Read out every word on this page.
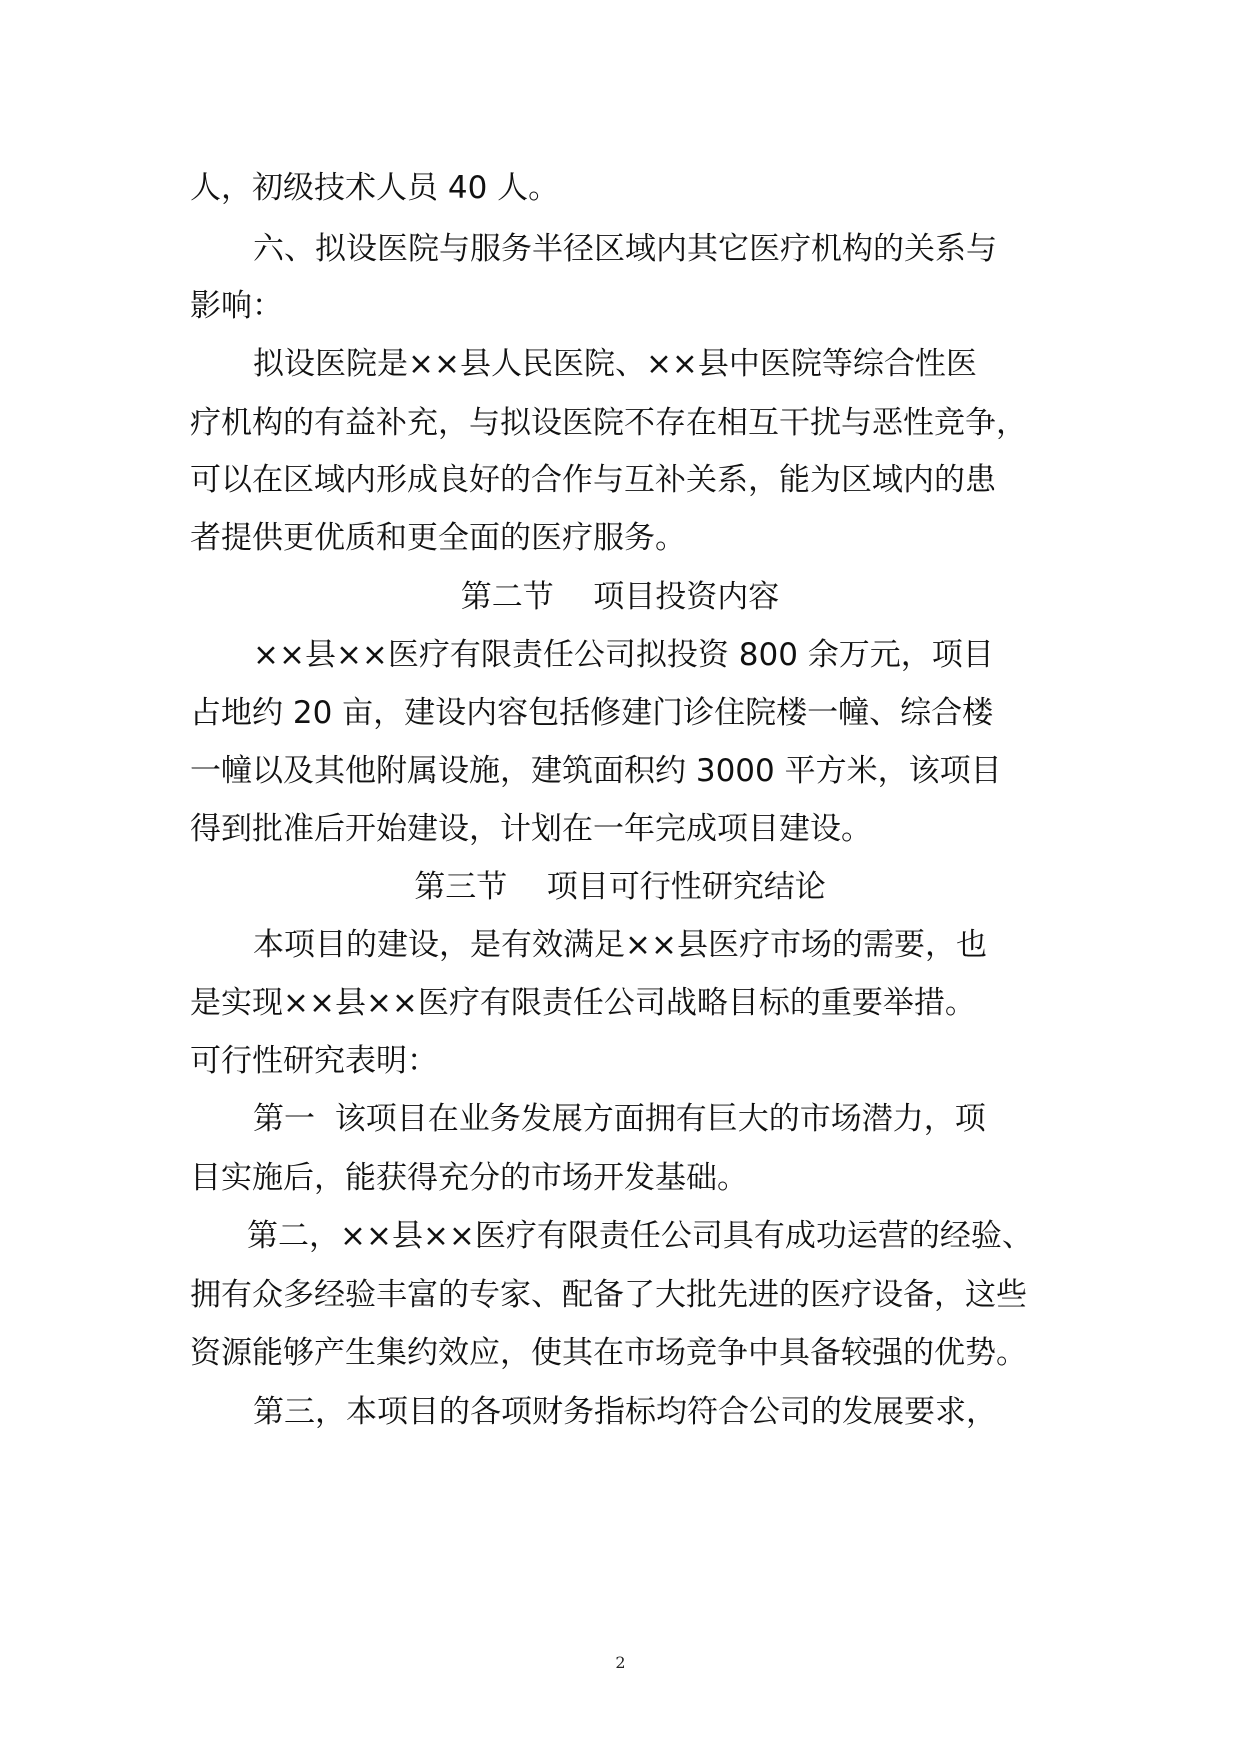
人，初级技术人员 40 人。
六、拟设医院与服务半径区域内其它医疗机构的关系与
影响：
拟设医院是××县人民医院、××县中医院等综合性医
疗机构的有益补充，与拟设医院不存在相互干扰与恶性竞争，
可以在区域内形成良好的合作与互补关系，能为区域内的患
者提供更优质和更全面的医疗服务。
第二节    项目投资内容
××县××医疗有限责任公司拟投资 800 余万元，项目
占地约 20 亩，建设内容包括修建门诊住院楼一幢、综合楼
一幢以及其他附属设施，建筑面积约 3000 平方米，该项目
得到批准后开始建设，计划在一年完成项目建设。
第三节    项目可行性研究结论
本项目的建设，是有效满足××县医疗市场的需要，也
是实现××县××医疗有限责任公司战略目标的重要举措。
可行性研究表明：
第一  该项目在业务发展方面拥有巨大的市场潜力，项
目实施后，能获得充分的市场开发基础。
第二，××县××医疗有限责任公司具有成功运营的经验、
拥有众多经验丰富的专家、配备了大批先进的医疗设备，这些
资源能够产生集约效应，使其在市场竞争中具备较强的优势。
第三，本项目的各项财务指标均符合公司的发展要求，
2
